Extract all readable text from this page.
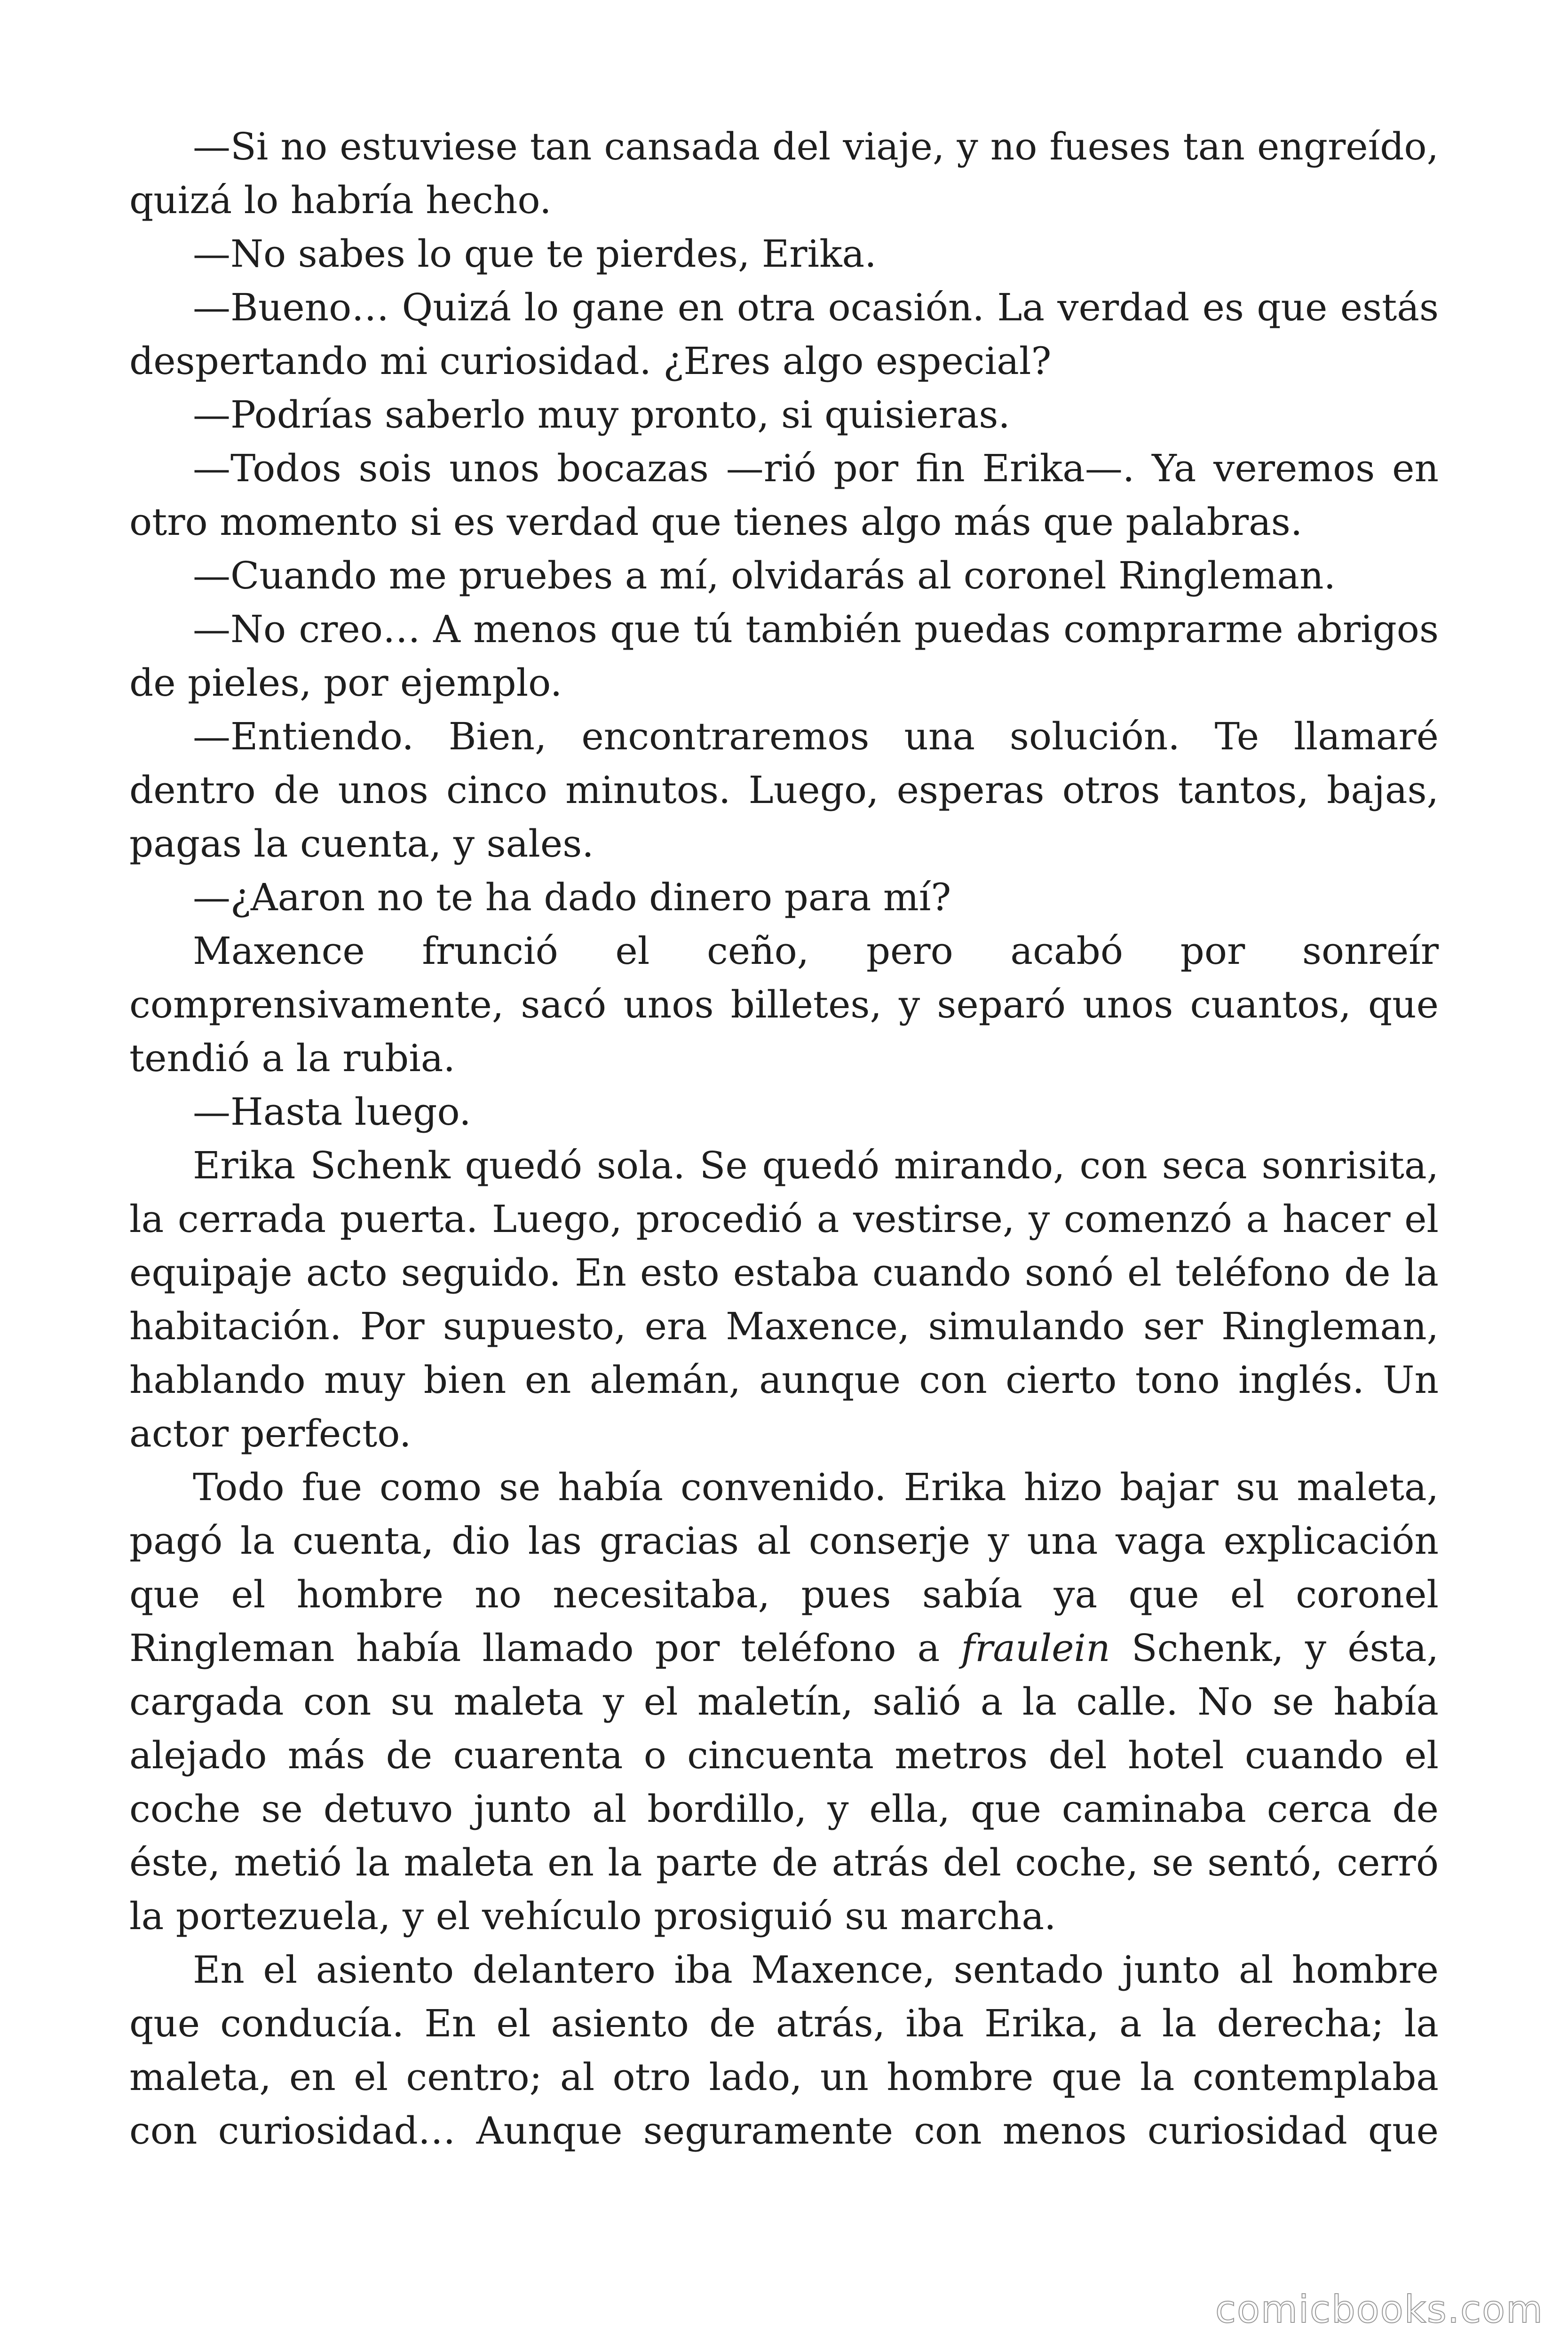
—Si no estuviese tan cansada del viaje, y no fueses tan engreído, quizá lo habría hecho.

—No sabes lo que te pierdes, Erika.

—Bueno… Quizá lo gane en otra ocasión. La verdad es que estás despertando mi curiosidad. ¿Eres algo especial?

—Podrías saberlo muy pronto, si quisieras.

—Todos sois unos bocazas —rió por fin Erika—. Ya veremos en otro momento si es verdad que tienes algo más que palabras.

—Cuando me pruebes a mí, olvidarás al coronel Ringleman.

—No creo… A menos que tú también puedas comprarme abrigos de pieles, por ejemplo.

—Entiendo. Bien, encontraremos una solución. Te llamaré dentro de unos cinco minutos. Luego, esperas otros tantos, bajas, pagas la cuenta, y sales.

—¿Aaron no te ha dado dinero para mí?

Maxence frunció el ceño, pero acabó por sonreír comprensivamente, sacó unos billetes, y separó unos cuantos, que tendió a la rubia.

—Hasta luego.

Erika Schenk quedó sola. Se quedó mirando, con seca sonrisita, la cerrada puerta. Luego, procedió a vestirse, y comenzó a hacer el equipaje acto seguido. En esto estaba cuando sonó el teléfono de la habitación. Por supuesto, era Maxence, simulando ser Ringleman, hablando muy bien en alemán, aunque con cierto tono inglés. Un actor perfecto.

Todo fue como se había convenido. Erika hizo bajar su maleta, pagó la cuenta, dio las gracias al conserje y una vaga explicación que el hombre no necesitaba, pues sabía ya que el coronel Ringleman había llamado por teléfono a fraulein Schenk, y ésta, cargada con su maleta y el maletín, salió a la calle. No se había alejado más de cuarenta o cincuenta metros del hotel cuando el coche se detuvo junto al bordillo, y ella, que caminaba cerca de éste, metió la maleta en la parte de atrás del coche, se sentó, cerró la portezuela, y el vehículo prosiguió su marcha.

En el asiento delantero iba Maxence, sentado junto al hombre que conducía. En el asiento de atrás, iba Erika, a la derecha; la maleta, en el centro; al otro lado, un hombre que la contemplaba con curiosidad… Aunque seguramente con menos curiosidad que

comicbooks.com
